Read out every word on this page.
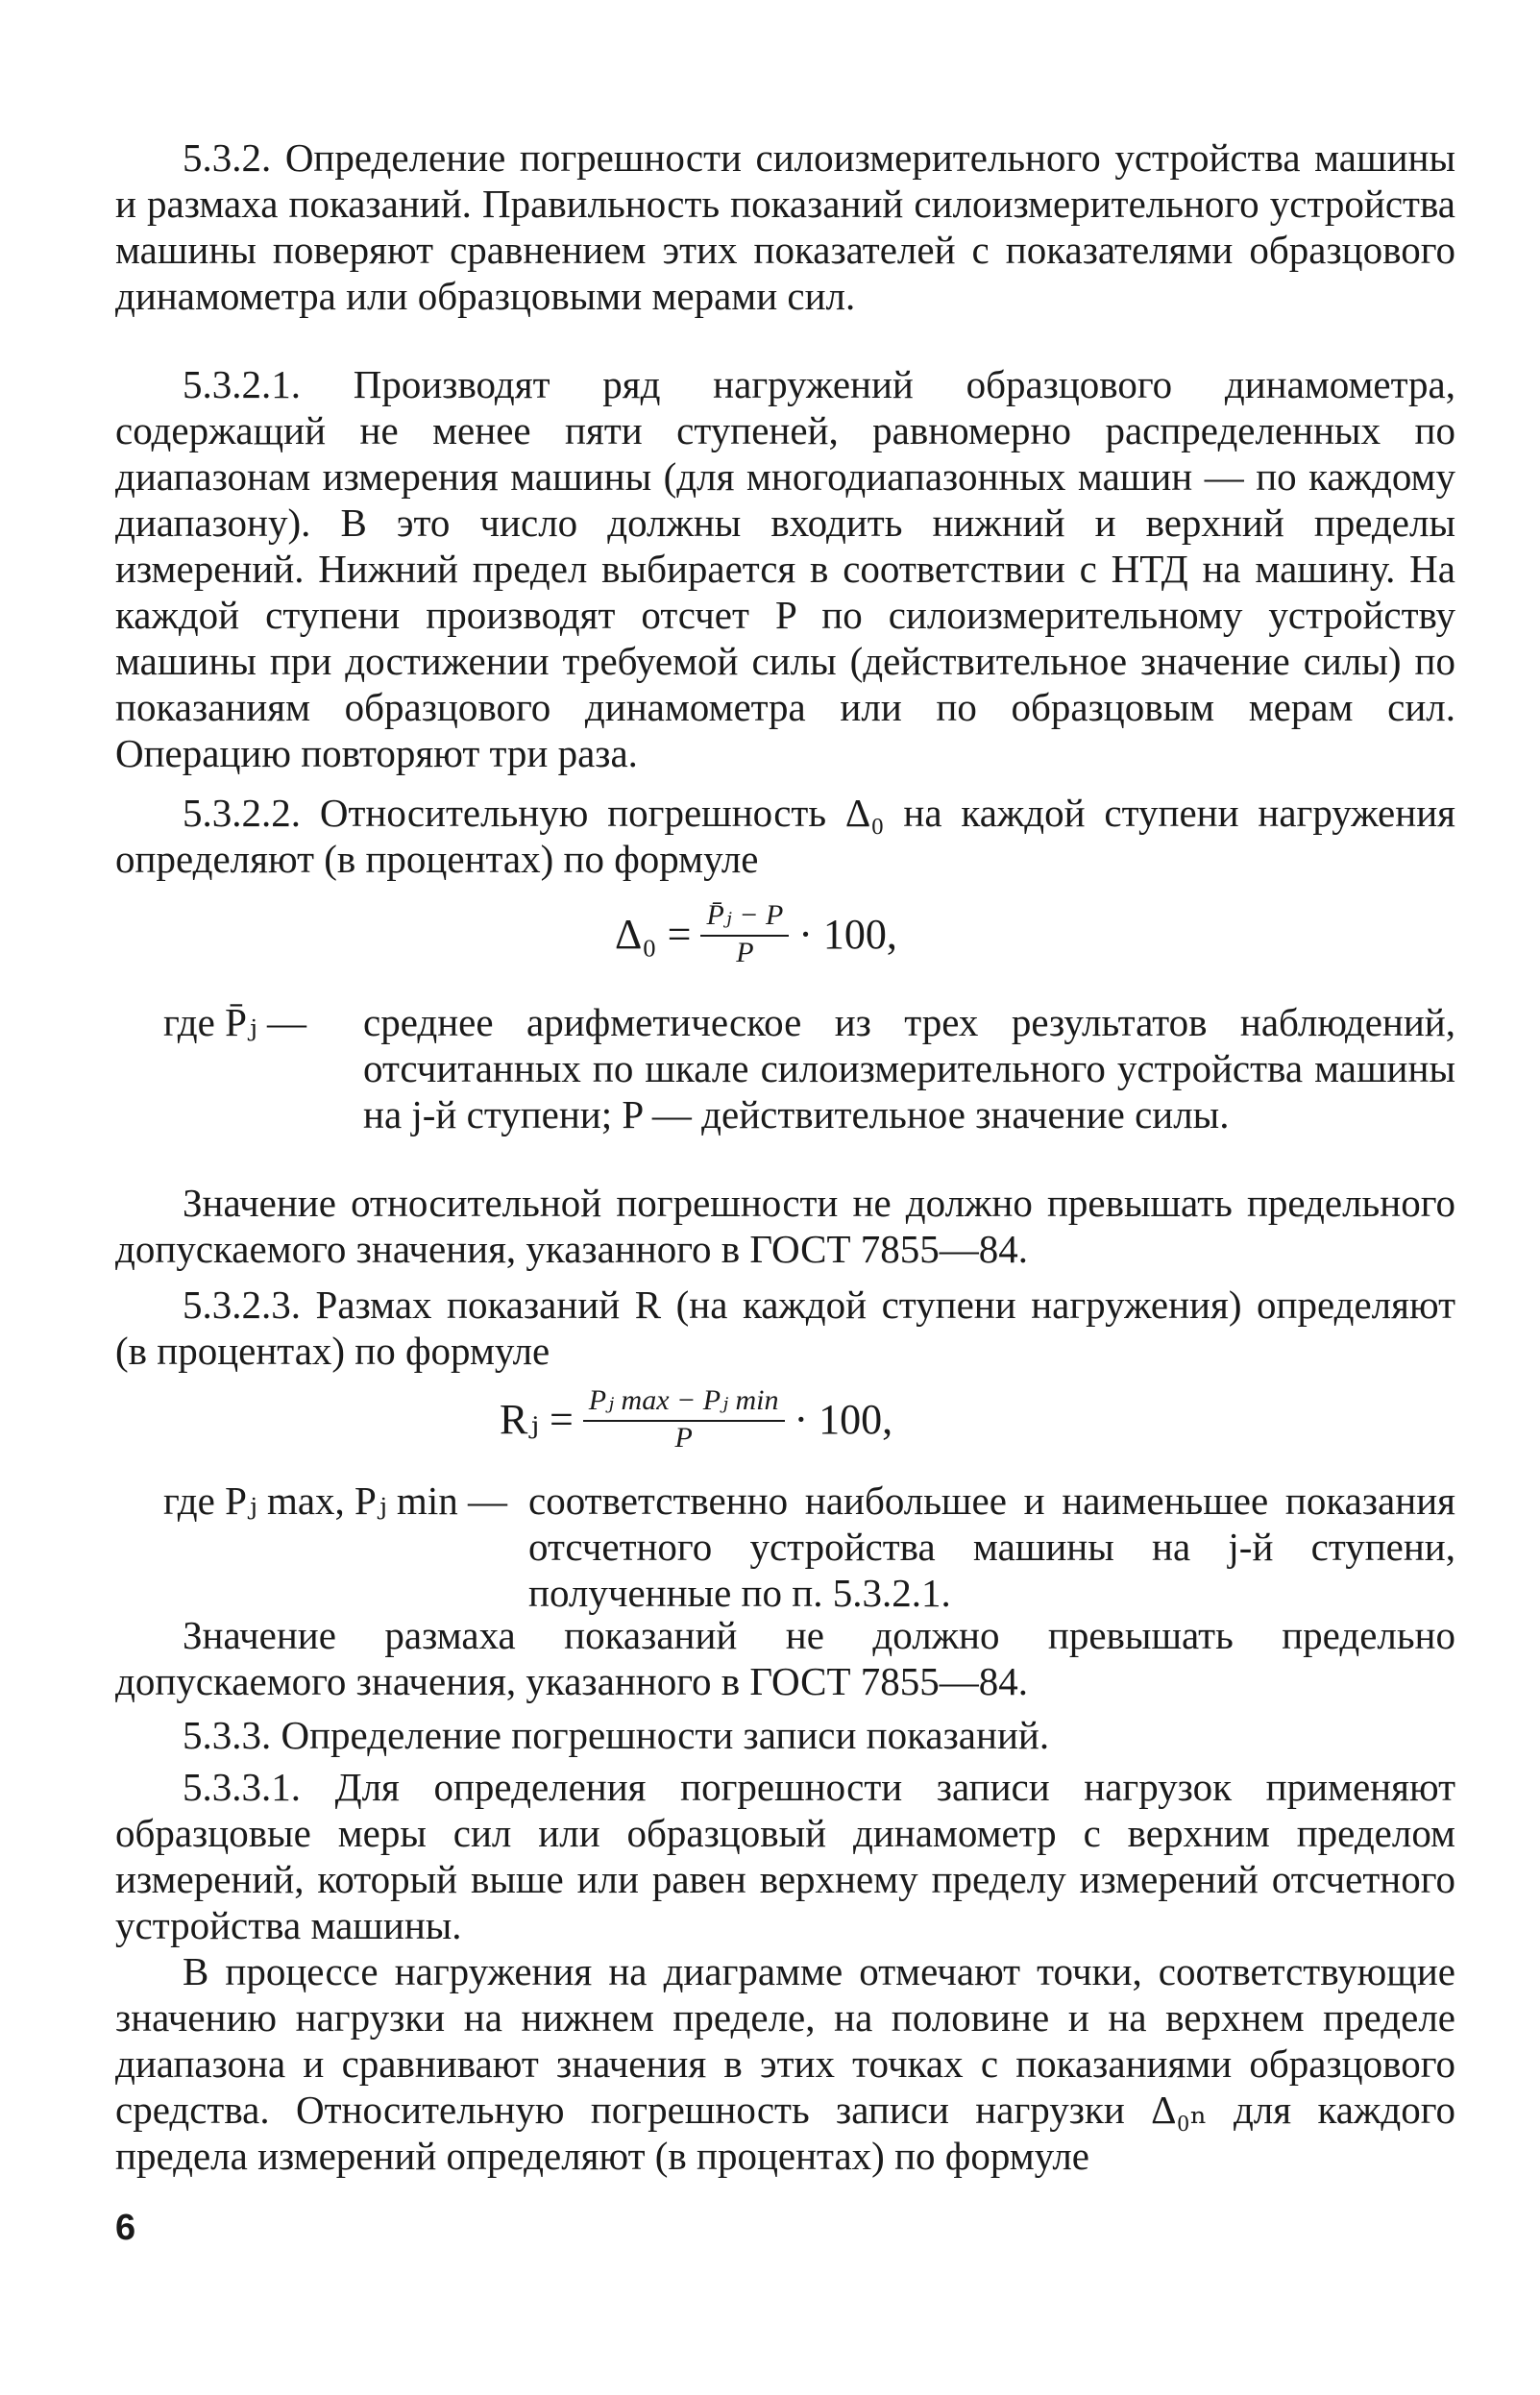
5.3.2. Определение погрешности силоизмерительного устройства машины и размаха показаний. Правильность показаний силоизмерительного устройства машины поверяют сравнением этих показателей с показателями образцового динамометра или образцовыми мерами сил.

5.3.2.1. Производят ряд нагружений образцового динамометра, содержащий не менее пяти ступеней, равномерно распределенных по диапазонам измерения машины (для многодиапазонных машин — по каждому диапазону). В это число должны входить нижний и верхний пределы измерений. Нижний предел выбирается в соответствии с НТД на машину. На каждой ступени производят отсчет P по силоизмерительному устройству машины при достижении требуемой силы (действительное значение силы) по показаниям образцового динамометра или по образцовым мерам сил. Операцию повторяют три раза.

5.3.2.2. Относительную погрешность Δ₀ на каждой ступени нагружения определяют (в процентах) по формуле

$\Delta_0 = \frac{\text{P̄ⱼ − P}}{P} \cdot 100$,
где P̄ⱼ — среднее арифметическое из трех результатов наблюдений, отсчитанных по шкале силоизмерительного устройства машины на j-й ступени; P — действительное значение силы.

Значение относительной погрешности не должно превышать предельного допускаемого значения, указанного в ГОСТ 7855—84.

5.3.2.3. Размах показаний R (на каждой ступени нагружения) определяют (в процентах) по формуле

Rⱼ = $\frac{\text{Pⱼ max − Pⱼ min}}{P} \cdot 100$,
где Pⱼ max, Pⱼ min — соответственно наибольшее и наименьшее показания отсчетного устройства машины на j-й ступени, полученные по п. 5.3.2.1.

Значение размаха показаний не должно превышать предельно допускаемого значения, указанного в ГОСТ 7855—84.

5.3.3. Определение погрешности записи показаний.

5.3.3.1. Для определения погрешности записи нагрузок применяют образцовые меры сил или образцовый динамометр с верхним пределом измерений, который выше или равен верхнему пределу измерений отсчетного устройства машины.

В процессе нагружения на диаграмме отмечают точки, соответствующие значению нагрузки на нижнем пределе, на половине и на верхнем пределе диапазона и сравнивают значения в этих точках с показаниями образцового средства. Относительную погрешность записи нагрузки Δ₀ₙ для каждого предела измерений определяют (в процентах) по формуле

6
